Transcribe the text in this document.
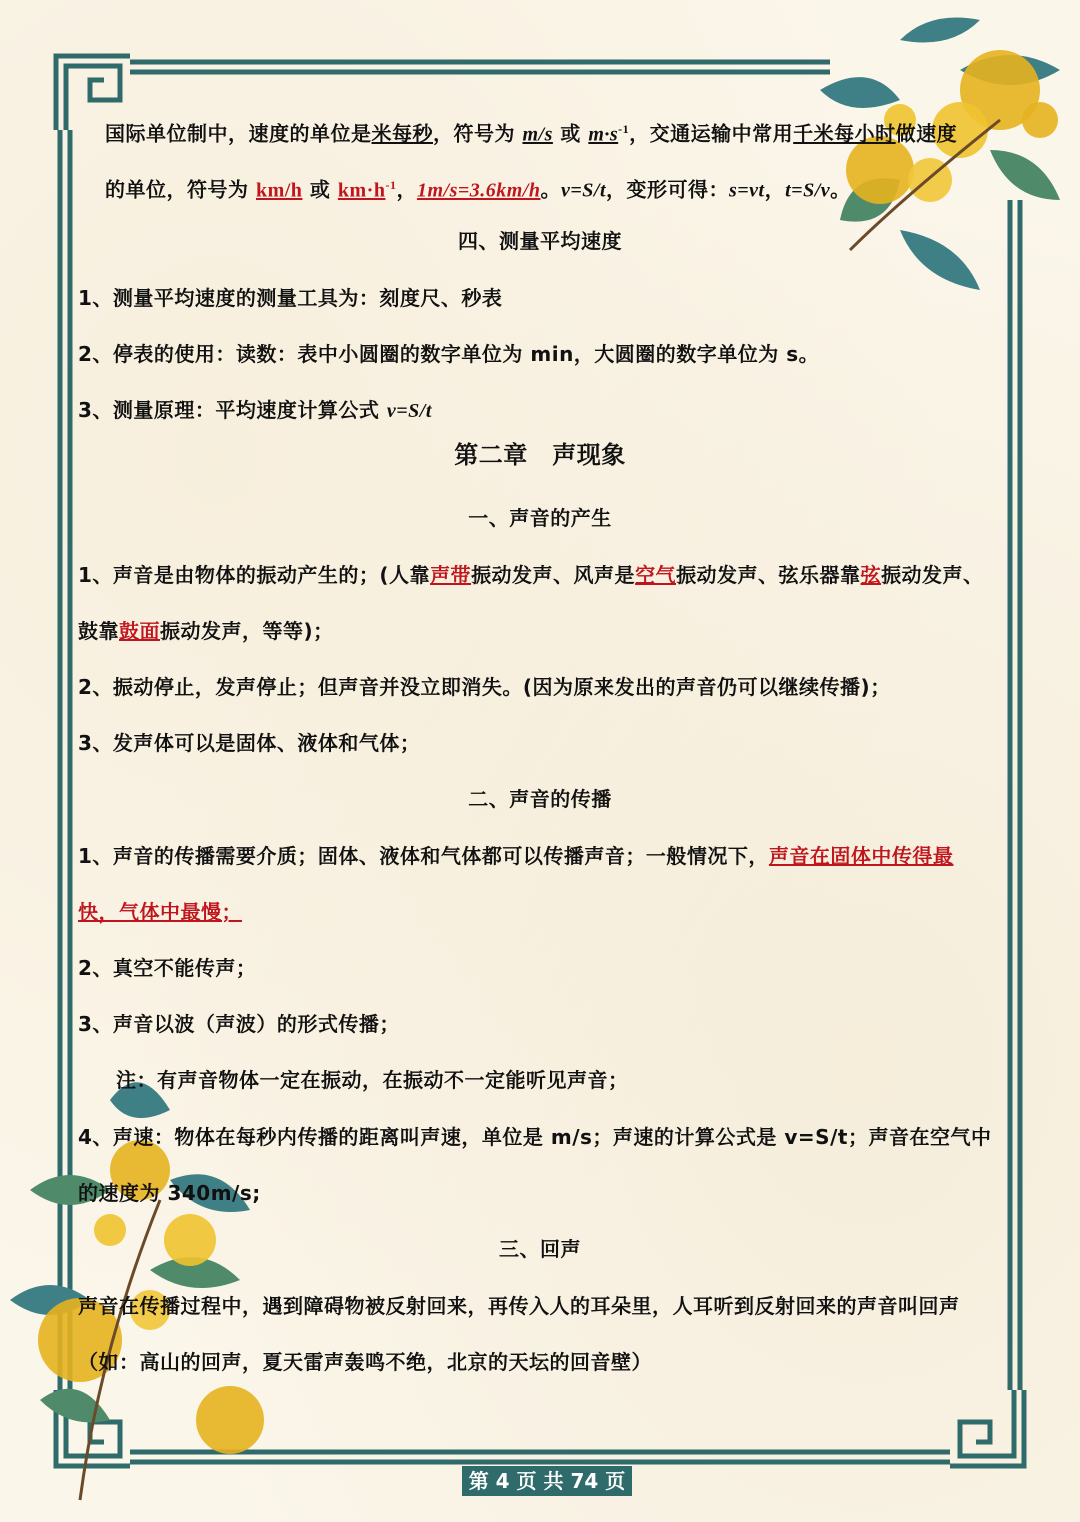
国际单位制中，速度的单位是米每秒，符号为 m/s 或 $m\cdot s^{-1}$，交通运输中常用千米每小时做速度
的单位，符号为 km/h 或 $km\cdot h^{-1}$，1m/s=3.6km/h。v=S/t，变形可得：s=vt，t=S/v。
四、测量平均速度
1、测量平均速度的测量工具为：刻度尺、秒表
2、停表的使用：读数：表中小圆圈的数字单位为 min，大圆圈的数字单位为 s。
3、测量原理：平均速度计算公式 v=S/t
第二章　声现象
一、声音的产生
1、声音是由物体的振动产生的；(人靠声带振动发声、风声是空气振动发声、弦乐器靠弦振动发声、
鼓靠鼓面振动发声，等等)；
2、振动停止，发声停止；但声音并没立即消失。(因为原来发出的声音仍可以继续传播)；
3、发声体可以是固体、液体和气体；
二、声音的传播
1、声音的传播需要介质；固体、液体和气体都可以传播声音；一般情况下，声音在固体中传得最
快，气体中最慢；
2、真空不能传声；
3、声音以波（声波）的形式传播；
注：有声音物体一定在振动，在振动不一定能听见声音；
4、声速：物体在每秒内传播的距离叫声速，单位是 m/s；声速的计算公式是 v=S/t；声音在空气中
的速度为 340m/s;
三、回声
声音在传播过程中，遇到障碍物被反射回来，再传入人的耳朵里，人耳听到反射回来的声音叫回声
（如：高山的回声，夏天雷声轰鸣不绝，北京的天坛的回音壁）
第 4 页 共 74 页
